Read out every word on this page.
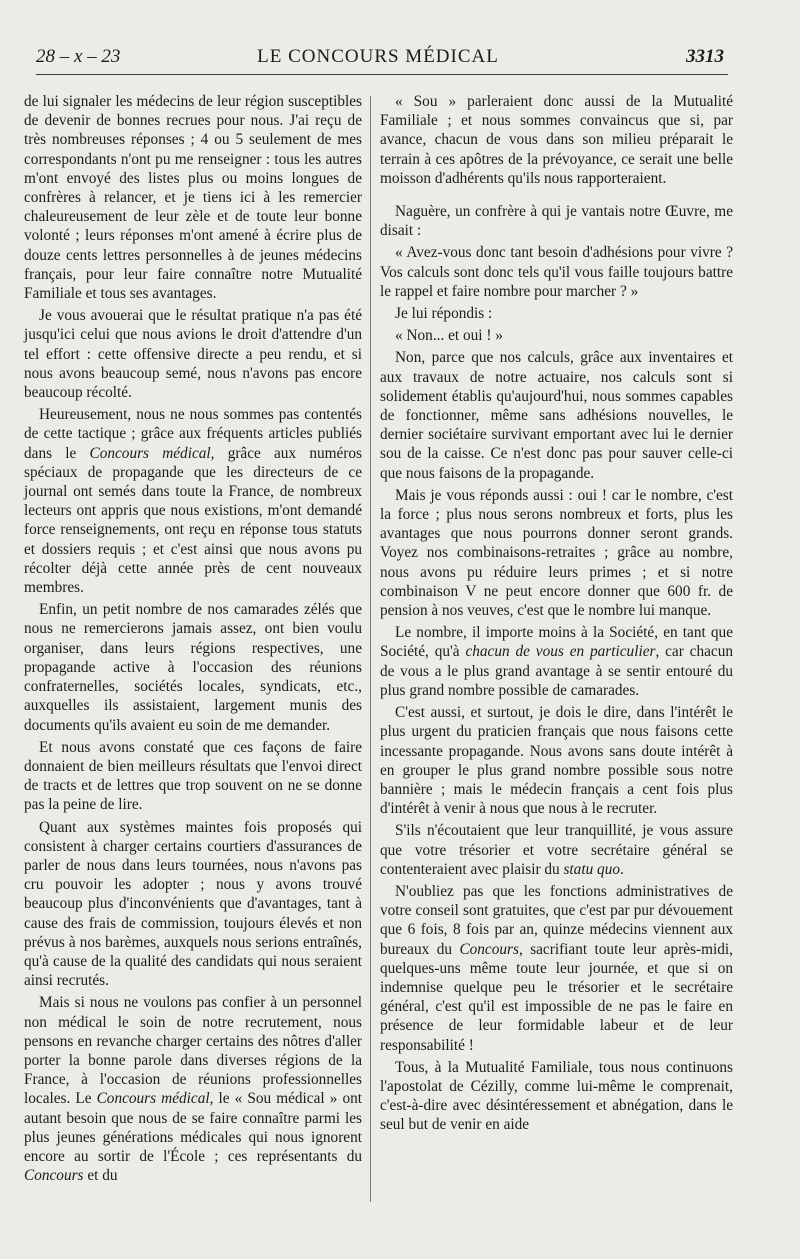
28 – x – 23	LE CONCOURS MÉDICAL	3313

de lui signaler les médecins de leur région susceptibles de devenir de bonnes recrues pour nous. J'ai reçu de très nombreuses réponses ; 4 ou 5 seulement de mes correspondants n'ont pu me renseigner : tous les autres m'ont envoyé des listes plus ou moins longues de confrères à relancer, et je tiens ici à les remercier chaleureusement de leur zèle et de toute leur bonne volonté ; leurs réponses m'ont amené à écrire plus de douze cents lettres personnelles à de jeunes médecins français, pour leur faire connaître notre Mutualité Familiale et tous ses avantages.

Je vous avouerai que le résultat pratique n'a pas été jusqu'ici celui que nous avions le droit d'attendre d'un tel effort : cette offensive directe a peu rendu, et si nous avons beaucoup semé, nous n'avons pas encore beaucoup récolté.

Heureusement, nous ne nous sommes pas contentés de cette tactique ; grâce aux fréquents articles publiés dans le Concours médical, grâce aux numéros spéciaux de propagande que les directeurs de ce journal ont semés dans toute la France, de nombreux lecteurs ont appris que nous existions, m'ont demandé force renseignements, ont reçu en réponse tous statuts et dossiers requis ; et c'est ainsi que nous avons pu récolter déjà cette année près de cent nouveaux membres.

Enfin, un petit nombre de nos camarades zélés que nous ne remercierons jamais assez, ont bien voulu organiser, dans leurs régions respectives, une propagande active à l'occasion des réunions confraternelles, sociétés locales, syndicats, etc., auxquelles ils assistaient, largement munis des documents qu'ils avaient eu soin de me demander.

Et nous avons constaté que ces façons de faire donnaient de bien meilleurs résultats que l'envoi direct de tracts et de lettres que trop souvent on ne se donne pas la peine de lire.

Quant aux systèmes maintes fois proposés qui consistent à charger certains courtiers d'assurances de parler de nous dans leurs tournées, nous n'avons pas cru pouvoir les adopter ; nous y avons trouvé beaucoup plus d'inconvénients que d'avantages, tant à cause des frais de commission, toujours élevés et non prévus à nos barèmes, auxquels nous serions entraînés, qu'à cause de la qualité des candidats qui nous seraient ainsi recrutés.

Mais si nous ne voulons pas confier à un personnel non médical le soin de notre recrutement, nous pensons en revanche charger certains des nôtres d'aller porter la bonne parole dans diverses régions de la France, à l'occasion de réunions professionnelles locales. Le Concours médical, le « Sou médical » ont autant besoin que nous de se faire connaître parmi les plus jeunes générations médicales qui nous ignorent encore au sortir de l'École ; ces représentants du Concours et du

« Sou » parleraient donc aussi de la Mutualité Familiale ; et nous sommes convaincus que si, par avance, chacun de vous dans son milieu préparait le terrain à ces apôtres de la prévoyance, ce serait une belle moisson d'adhérents qu'ils nous rapporteraient.

Naguère, un confrère à qui je vantais notre Œuvre, me disait :

« Avez-vous donc tant besoin d'adhésions pour vivre ? Vos calculs sont donc tels qu'il vous faille toujours battre le rappel et faire nombre pour marcher ? »

Je lui répondis :

« Non... et oui ! »

Non, parce que nos calculs, grâce aux inventaires et aux travaux de notre actuaire, nos calculs sont si solidement établis qu'aujourd'hui, nous sommes capables de fonctionner, même sans adhésions nouvelles, le dernier sociétaire survivant emportant avec lui le dernier sou de la caisse. Ce n'est donc pas pour sauver celle-ci que nous faisons de la propagande.

Mais je vous réponds aussi : oui ! car le nombre, c'est la force ; plus nous serons nombreux et forts, plus les avantages que nous pourrons donner seront grands. Voyez nos combinaisons-retraites ; grâce au nombre, nous avons pu réduire leurs primes ; et si notre combinaison V ne peut encore donner que 600 fr. de pension à nos veuves, c'est que le nombre lui manque.

Le nombre, il importe moins à la Société, en tant que Société, qu'à chacun de vous en particulier, car chacun de vous a le plus grand avantage à se sentir entouré du plus grand nombre possible de camarades.

C'est aussi, et surtout, je dois le dire, dans l'intérêt le plus urgent du praticien français que nous faisons cette incessante propagande. Nous avons sans doute intérêt à en grouper le plus grand nombre possible sous notre bannière ; mais le médecin français a cent fois plus d'intérêt à venir à nous que nous à le recruter.

S'ils n'écoutaient que leur tranquillité, je vous assure que votre trésorier et votre secrétaire général se contenteraient avec plaisir du statu quo.

N'oubliez pas que les fonctions administratives de votre conseil sont gratuites, que c'est par pur dévouement que 6 fois, 8 fois par an, quinze médecins viennent aux bureaux du Concours, sacrifiant toute leur après-midi, quelques-uns même toute leur journée, et que si on indemnise quelque peu le trésorier et le secrétaire général, c'est qu'il est impossible de ne pas le faire en présence de leur formidable labeur et de leur responsabilité !

Tous, à la Mutualité Familiale, tous nous continuons l'apostolat de Cézilly, comme lui-même le comprenait, c'est-à-dire avec désintéressement et abnégation, dans le seul but de venir en aide
